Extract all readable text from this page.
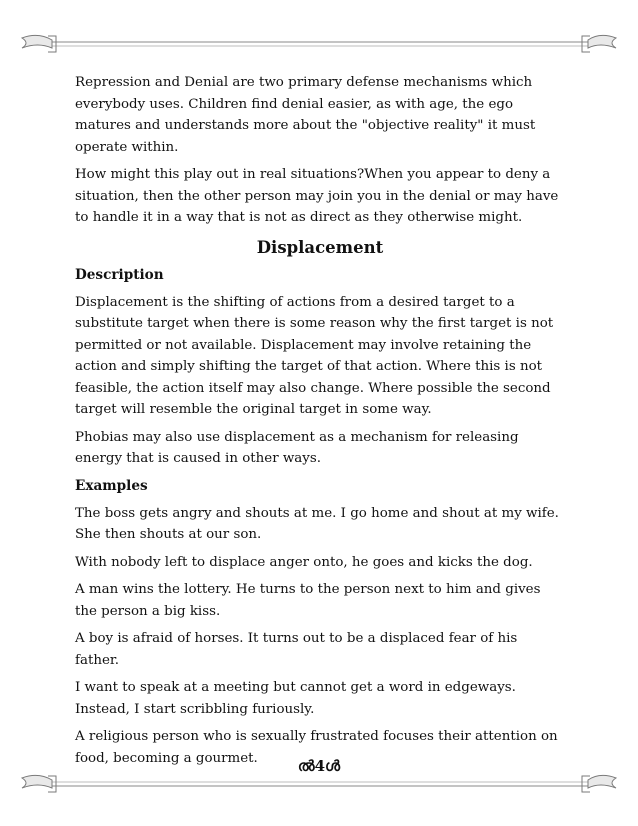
Repression and Denial are two primary defense mechanisms which everybody uses. Children find denial easier, as with age, the ego matures and understands more about the "objective reality" it must operate within.

How might this play out in real situations?When you appear to deny a situation, then the other person may join you in the denial or may have to handle it in a way that is not as direct as they otherwise might.

Displacement
Description

Displacement is the shifting of actions from a desired target to a substitute target when there is some reason why the first target is not permitted or not available. Displacement may involve retaining the action and simply shifting the target of that action. Where this is not feasible, the action itself may also change. Where possible the second target will resemble the original target in some way.

Phobias may also use displacement as a mechanism for releasing energy that is caused in other ways.

Examples

The boss gets angry and shouts at me. I go home and shout at my wife. She then shouts at our son.

With nobody left to displace anger onto, he goes and kicks the dog.

A man wins the lottery. He turns to the person next to him and gives the person a big kiss.

A boy is afraid of horses. It turns out to be a displaced fear of his father.

I want to speak at a meeting but cannot get a word in edgeways. Instead, I start scribbling furiously.

A religious person who is sexually frustrated focuses their attention on food, becoming a gourmet.	ൽ4ൾ
